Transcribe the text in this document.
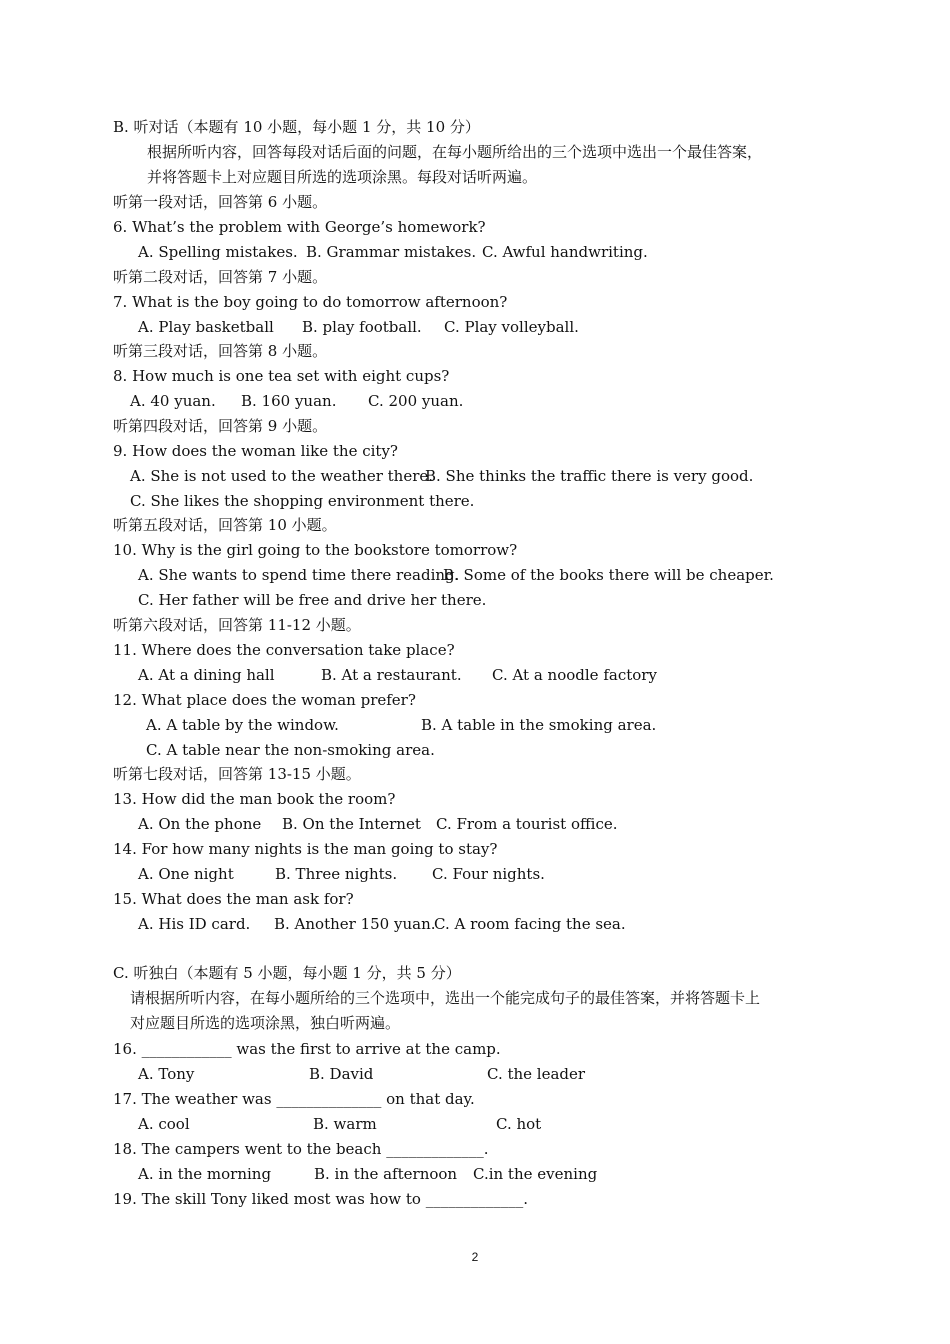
B. 听对话（本题有 10 小题，每小题 1 分，共 10 分）
根据所听内容，回答每段对话后面的问题，在每小题所给出的三个选项中选出一个最佳答案，
并将答题卡上对应题目所选的选项涂黑。每段对话听两遍。
听第一段对话，回答第 6 小题。
6. What’s the problem with George’s homework?
A. Spelling mistakes. B. Grammar mistakes. C. Awful handwriting.
听第二段对话，回答第 7 小题。
7. What is the boy going to do tomorrow afternoon?
A. Play basketball B. play football. C. Play volleyball.
听第三段对话，回答第 8 小题。
8. How much is one tea set with eight cups?
A. 40 yuan. B. 160 yuan. C. 200 yuan.
听第四段对话，回答第 9 小题。
9. How does the woman like the city?
A. She is not used to the weather there.
B. She thinks the traffic there is very good.
C. She likes the shopping environment there.
听第五段对话，回答第 10 小题。
10. Why is the girl going to the bookstore tomorrow?
A. She wants to spend time there reading.
B. Some of the books there will be cheaper.
C. Her father will be free and drive her there.
听第六段对话，回答第 11-12 小题。
11. Where does the conversation take place?
A. At a dining hall	B. At a restaurant. C. At a noodle factory
12. What place does the woman prefer?
A. A table by the window.	B. A table in the smoking area.
C. A table near the non-smoking area.
听第七段对话，回答第 13-15 小题。
13. How did the man book the room?
A. On the phone B. On the Internet C. From a tourist office.
14. For how many nights is the man going to stay?
A. One night	B. Three nights. C. Four nights.
15. What does the man ask for?
A. His ID card. B. Another 150 yuan.
C. A room facing the sea.
C. 听独白（本题有 5 小题，每小题 1 分，共 5 分）
请根据所听内容，在每小题所给的三个选项中，选出一个能完成句子的最佳答案，并将答题卡上
对应题目所选的选项涂黑，独白听两遍。
16. ____________ was the first to arrive at the camp.
A. Tony	B. David	C. the leader
17. The weather was ______________ on that day.
A. cool	B. warm	C. hot
18. The campers went to the beach _____________.
A. in the morning	B. in the afternoon C.in the evening
19. The skill Tony liked most was how to _____________.
2
